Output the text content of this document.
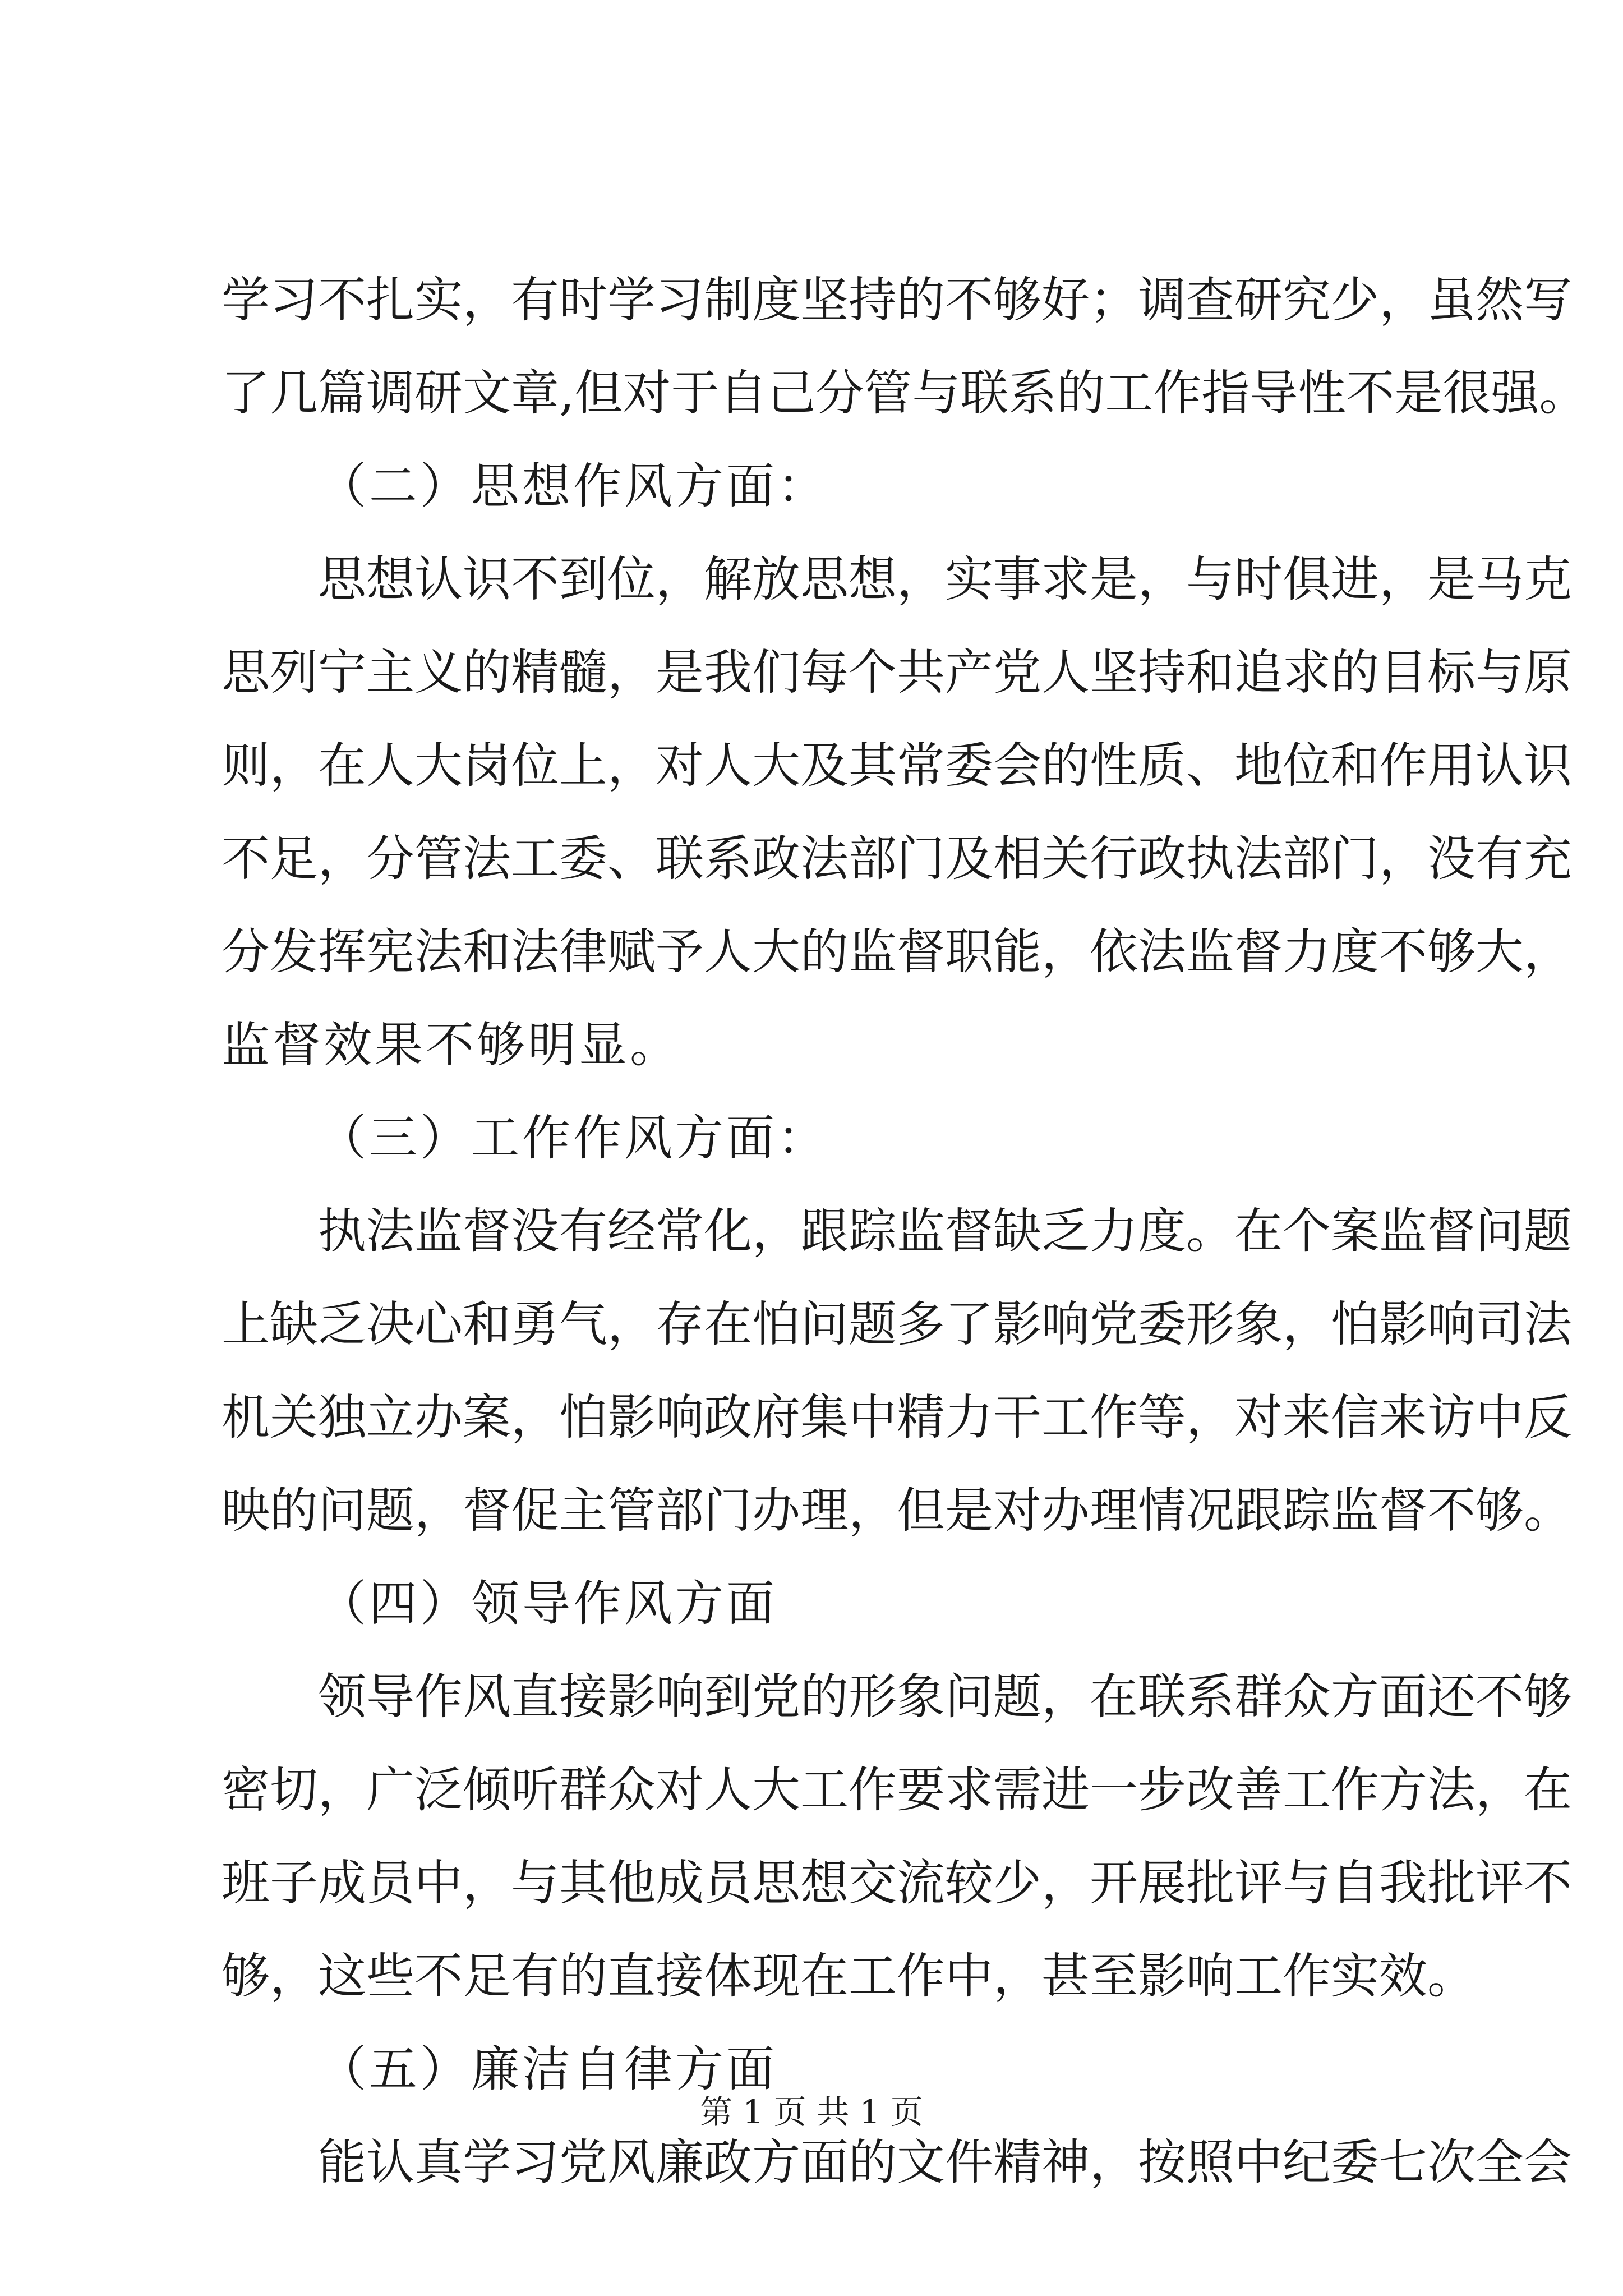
学习不扎实，有时学习制度坚持的不够好；调查研究少，虽然写
了几篇调研文章,但对于自己分管与联系的工作指导性不是很强。
（二）思想作风方面：
思想认识不到位，解放思想，实事求是，与时俱进，是马克
思列宁主义的精髓，是我们每个共产党人坚持和追求的目标与原
则，在人大岗位上，对人大及其常委会的性质、地位和作用认识
不足，分管法工委、联系政法部门及相关行政执法部门，没有充
分发挥宪法和法律赋予人大的监督职能，依法监督力度不够大，
监督效果不够明显。
（三）工作作风方面：
执法监督没有经常化，跟踪监督缺乏力度。在个案监督问题
上缺乏决心和勇气，存在怕问题多了影响党委形象，怕影响司法
机关独立办案，怕影响政府集中精力干工作等，对来信来访中反
映的问题，督促主管部门办理，但是对办理情况跟踪监督不够。
（四）领导作风方面
领导作风直接影响到党的形象问题，在联系群众方面还不够
密切，广泛倾听群众对人大工作要求需进一步改善工作方法，在
班子成员中，与其他成员思想交流较少，开展批评与自我批评不
够，这些不足有的直接体现在工作中，甚至影响工作实效。
（五）廉洁自律方面
能认真学习党风廉政方面的文件精神，按照中纪委七次全会
第 1 页 共 1 页
